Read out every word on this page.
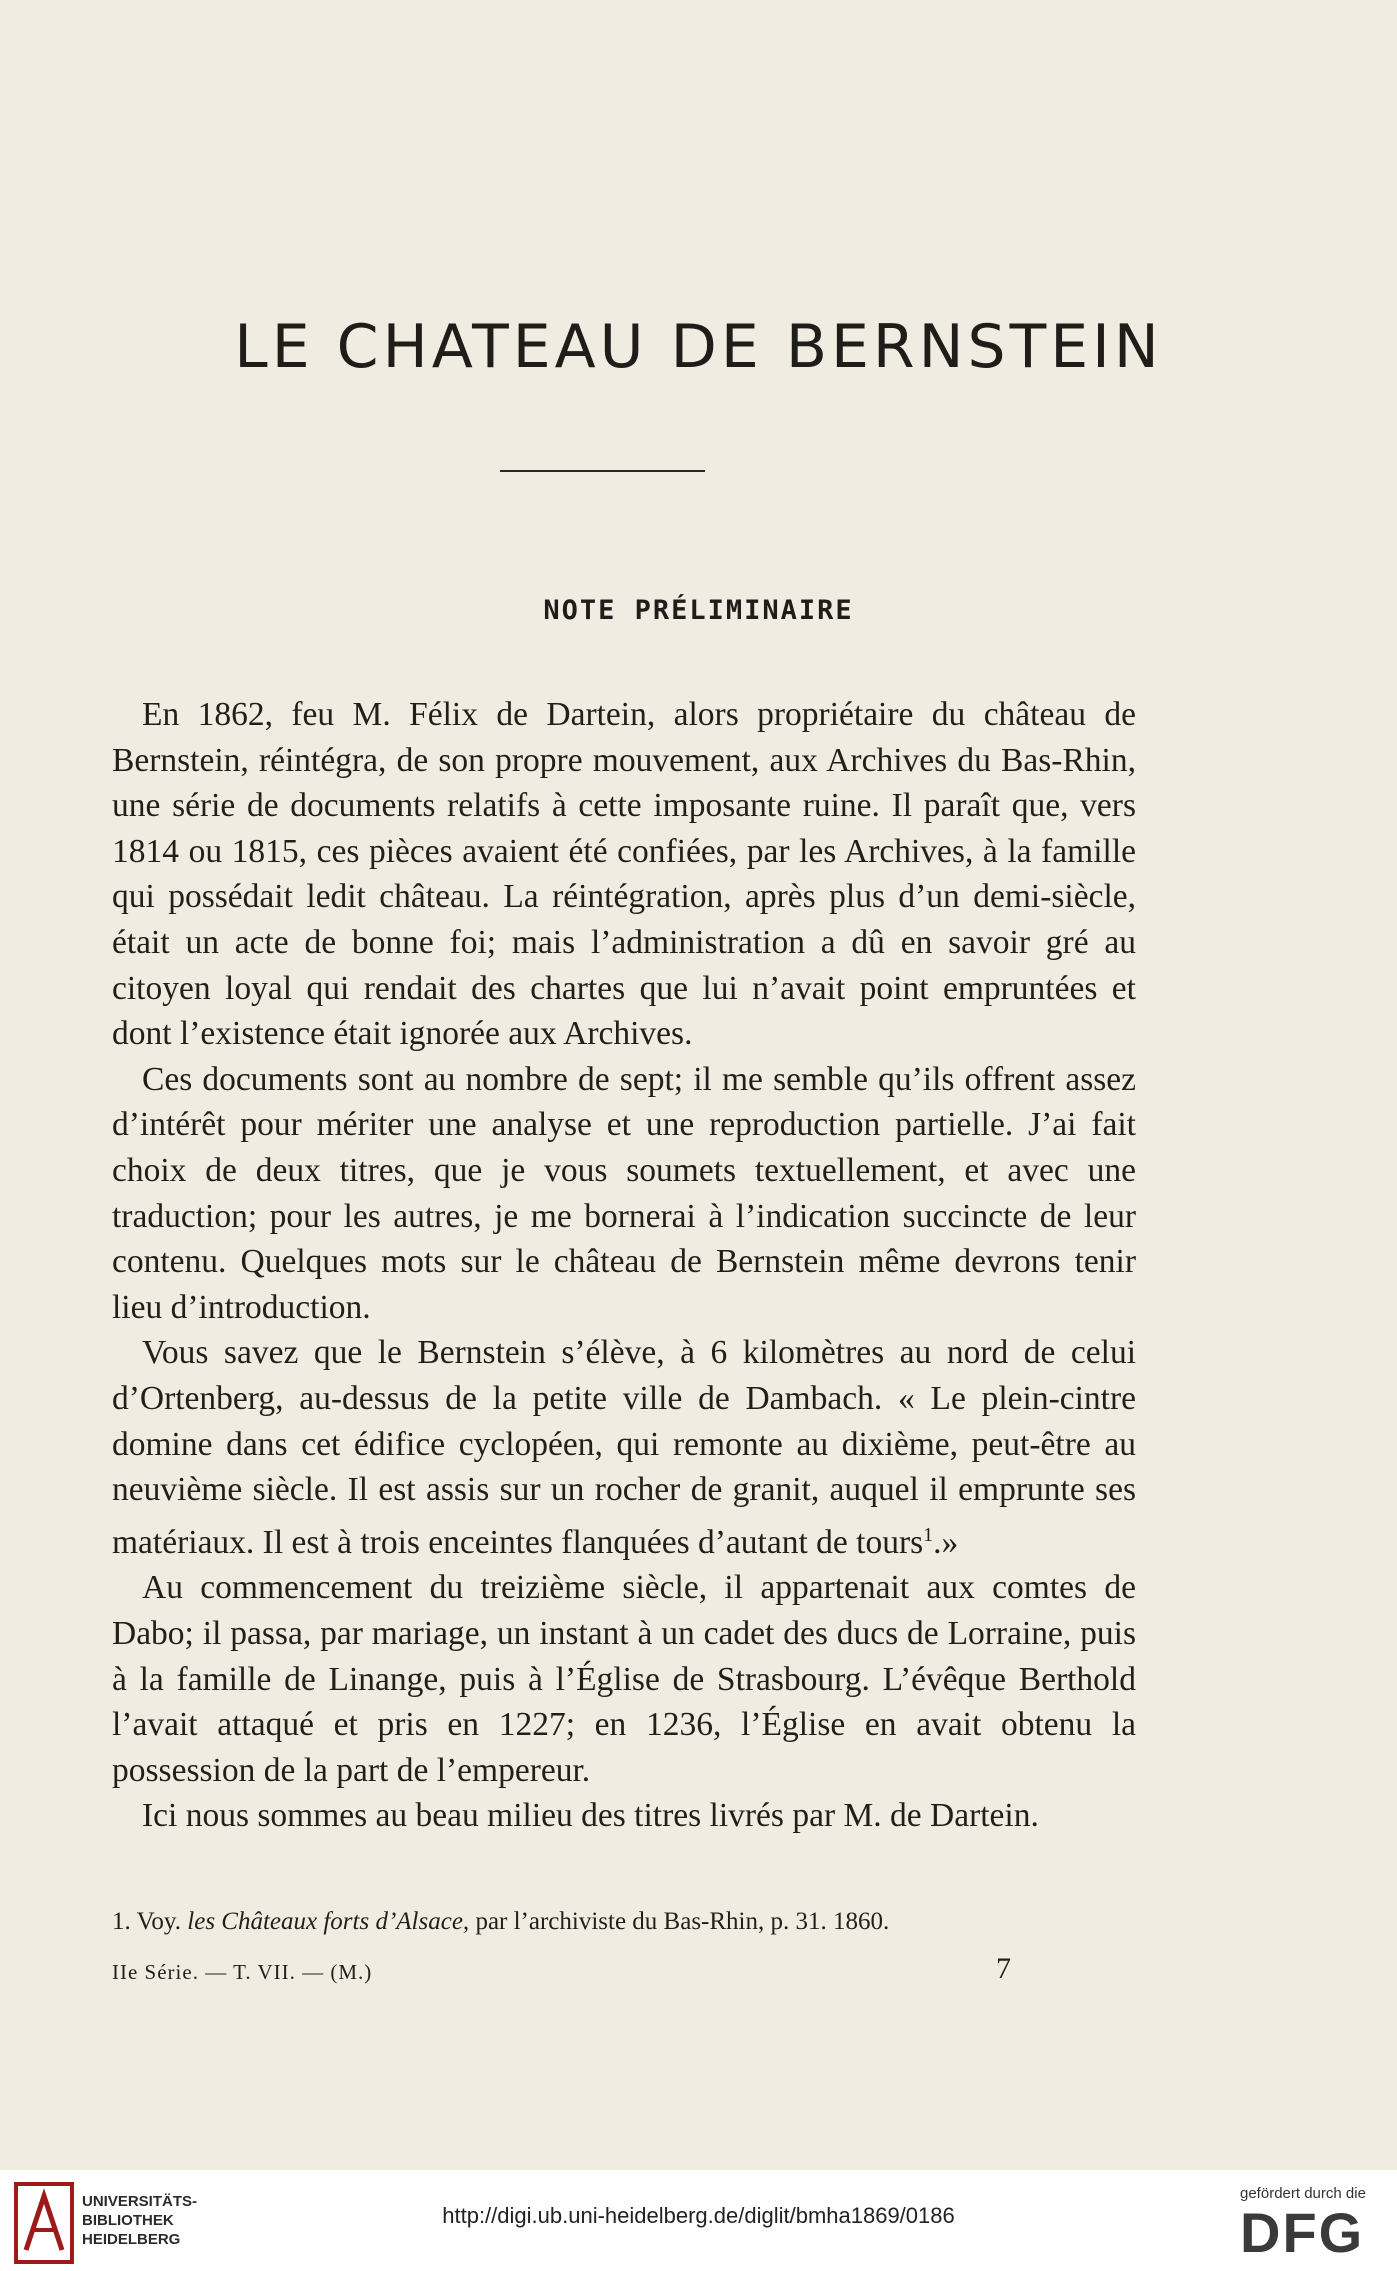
LE CHATEAU DE BERNSTEIN
NOTE PRÉLIMINAIRE

En 1862, feu M. Félix de Dartein, alors propriétaire du château de Bernstein, réintégra, de son propre mouvement, aux Archives du Bas-Rhin, une série de documents relatifs à cette imposante ruine. Il paraît que, vers 1814 ou 1815, ces pièces avaient été confiées, par les Archives, à la famille qui possédait ledit château. La réintégration, après plus d’un demi-siècle, était un acte de bonne foi; mais l’administration a dû en savoir gré au citoyen loyal qui rendait des chartes que lui n’avait point empruntées et dont l’existence était ignorée aux Archives.

Ces documents sont au nombre de sept; il me semble qu’ils offrent assez d’intérêt pour mériter une analyse et une reproduction partielle. J’ai fait choix de deux titres, que je vous soumets textuellement, et avec une traduction; pour les autres, je me bornerai à l’indication succincte de leur contenu. Quelques mots sur le château de Bernstein même devrons tenir lieu d’introduction.

Vous savez que le Bernstein s’élève, à 6 kilomètres au nord de celui d’Ortenberg, au-dessus de la petite ville de Dambach. « Le plein-cintre domine dans cet édifice cyclopéen, qui remonte au dixième, peut-être au neuvième siècle. Il est assis sur un rocher de granit, auquel il emprunte ses matériaux. Il est à trois enceintes flanquées d’autant de tours$^1$.»

Au commencement du treizième siècle, il appartenait aux comtes de Dabo; il passa, par mariage, un instant à un cadet des ducs de Lorraine, puis à la famille de Linange, puis à l’Église de Strasbourg. L’évêque Berthold l’avait attaqué et pris en 1227; en 1236, l’Église en avait obtenu la possession de la part de l’empereur.

Ici nous sommes au beau milieu des titres livrés par M. de Dartein.

1. Voy. les Châteaux forts d’Alsace, par l’archiviste du Bas-Rhin, p. 31. 1860.
IIe Série. — T. VII. — (M.)	7
UNIVERSITÄTS-
BIBLIOTHEK
HEIDELBERG
http://digi.ub.uni-heidelberg.de/diglit/bmha1869/0186
gefördert durch die
DFG
